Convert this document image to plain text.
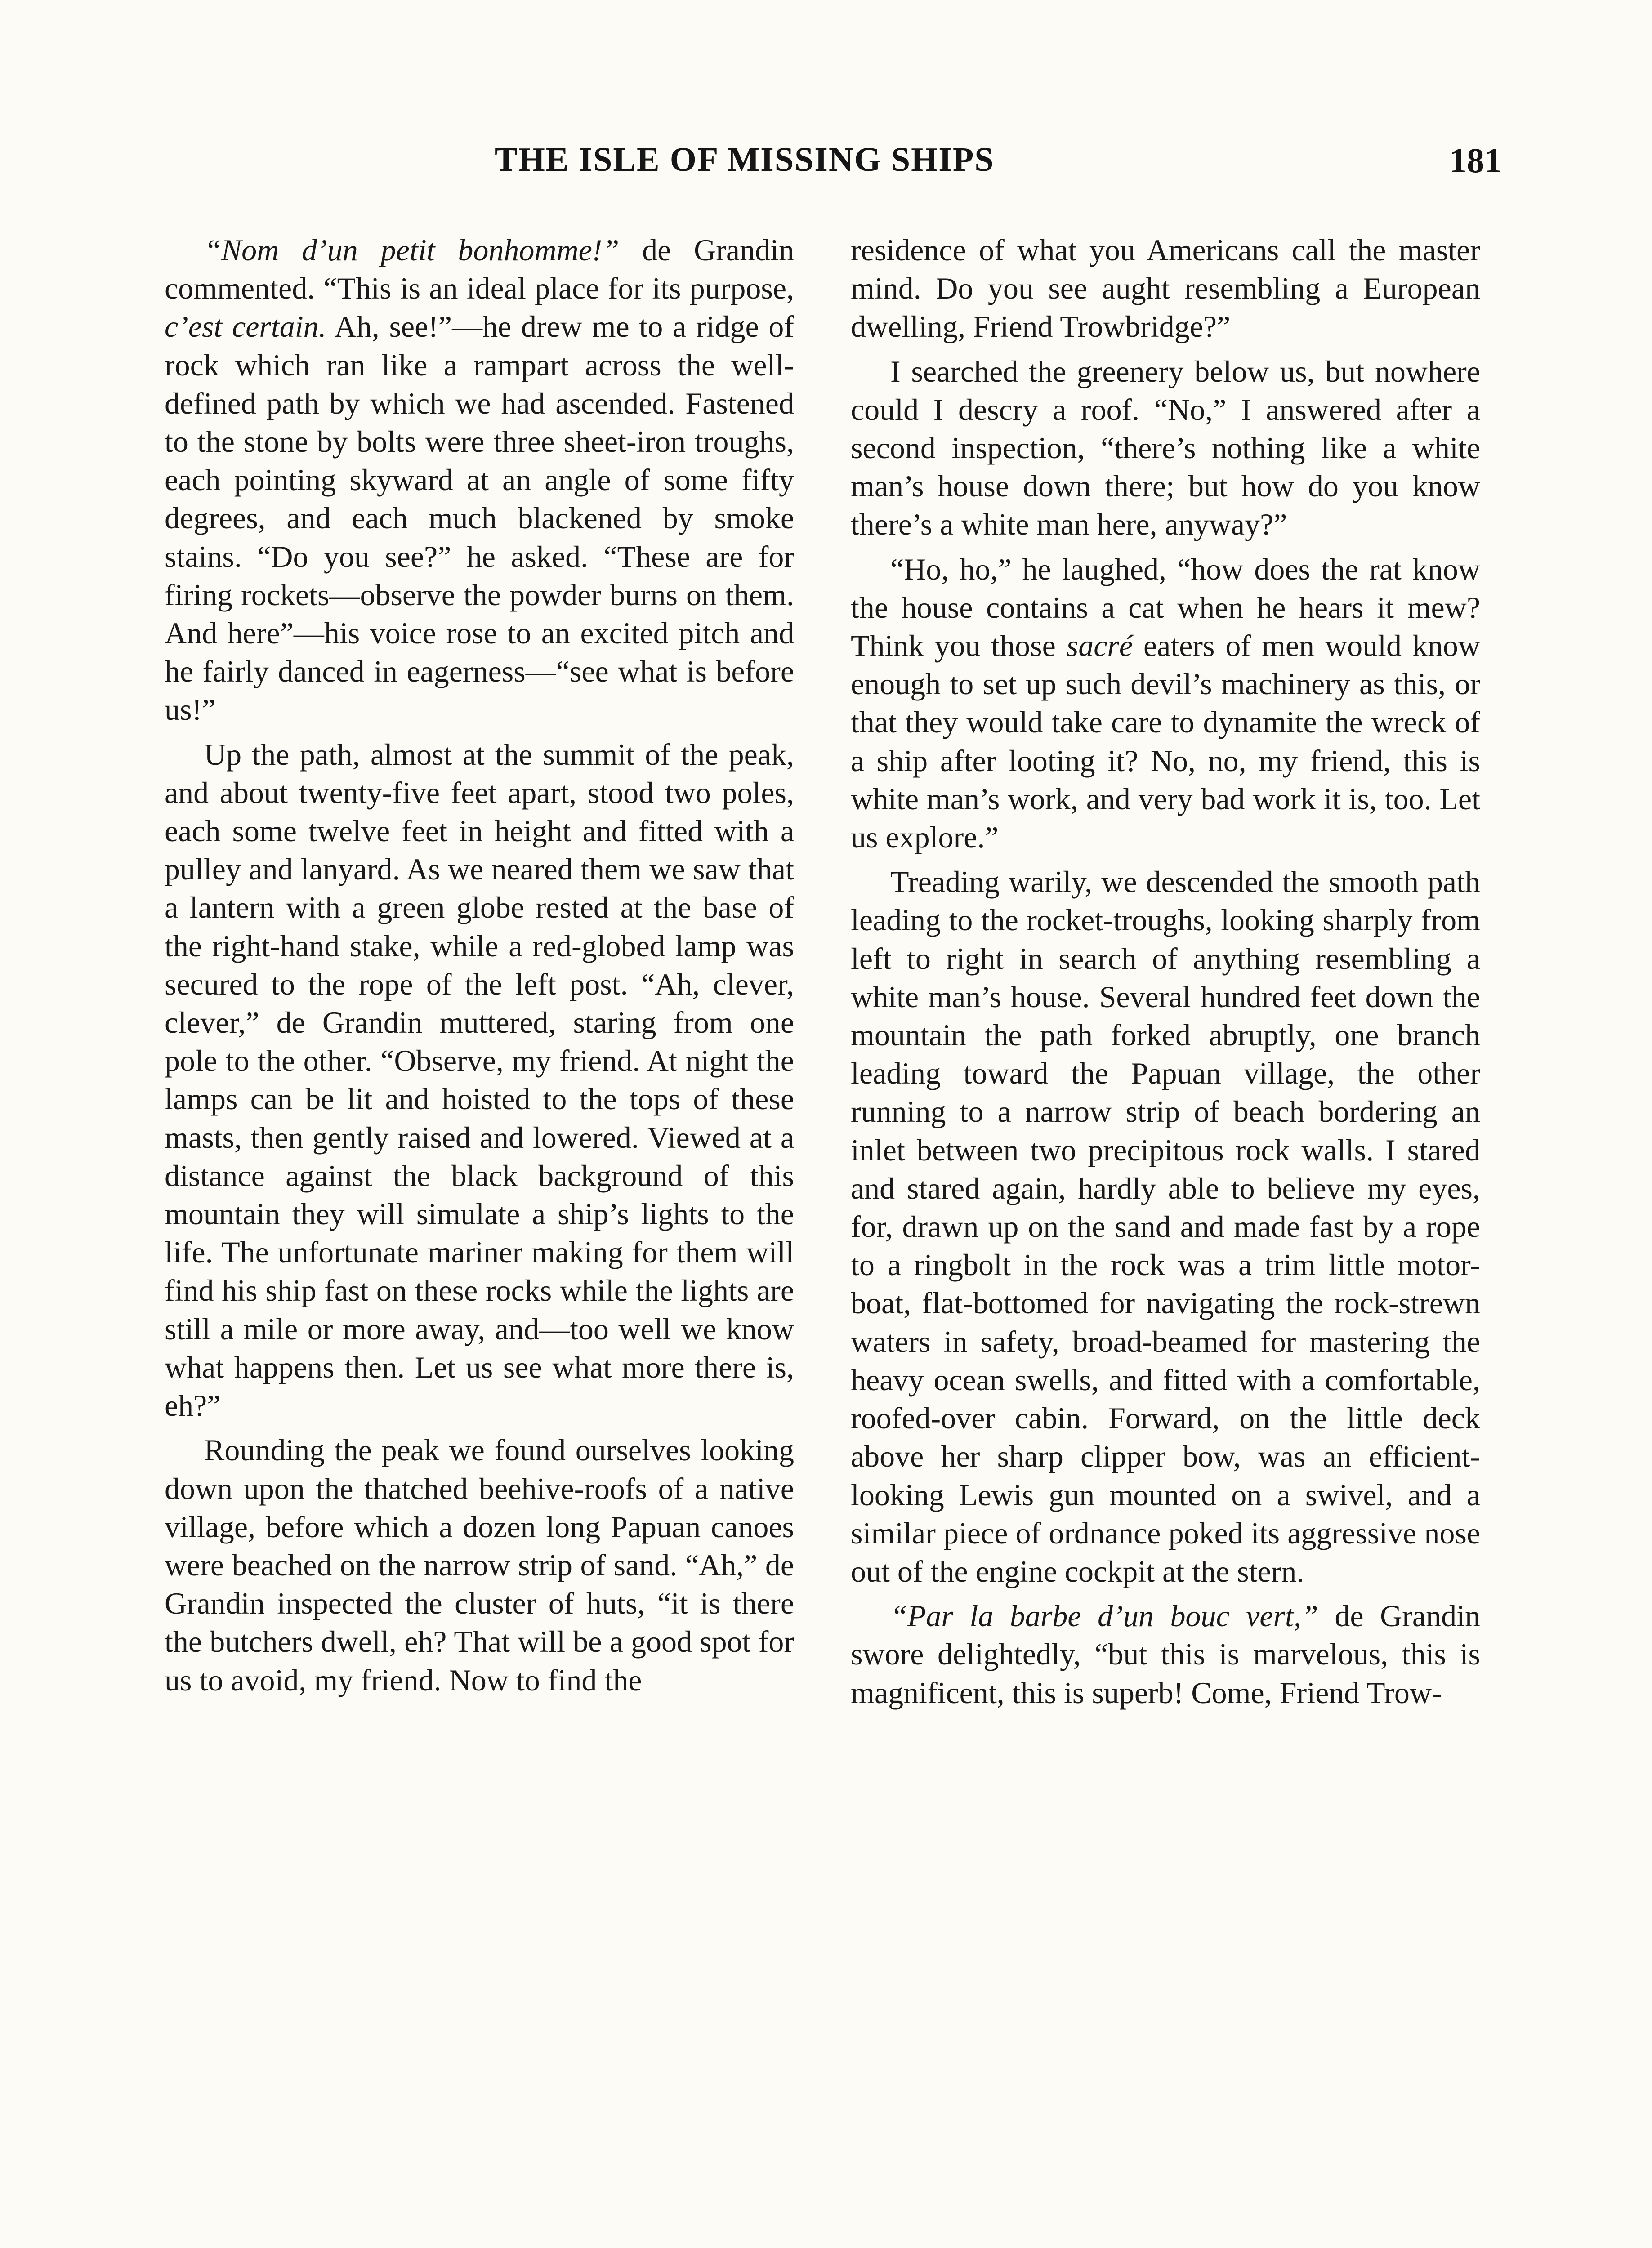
THE ISLE OF MISSING SHIPS	181

“Nom d’un petit bonhomme!” de Grandin commented. “This is an ideal place for its purpose, c’est certain. Ah, see!”—he drew me to a ridge of rock which ran like a rampart across the well-defined path by which we had ascended. Fastened to the stone by bolts were three sheet-iron troughs, each pointing skyward at an angle of some fifty degrees, and each much blackened by smoke stains. “Do you see?” he asked. “These are for firing rockets—observe the powder burns on them. And here”—his voice rose to an excited pitch and he fairly danced in eagerness—“see what is before us!”

Up the path, almost at the summit of the peak, and about twenty-five feet apart, stood two poles, each some twelve feet in height and fitted with a pulley and lanyard. As we neared them we saw that a lantern with a green globe rested at the base of the right-hand stake, while a red-globed lamp was secured to the rope of the left post. “Ah, clever, clever,” de Grandin muttered, staring from one pole to the other. “Observe, my friend. At night the lamps can be lit and hoisted to the tops of these masts, then gently raised and lowered. Viewed at a distance against the black background of this mountain they will simulate a ship’s lights to the life. The unfortunate mariner making for them will find his ship fast on these rocks while the lights are still a mile or more away, and—too well we know what happens then. Let us see what more there is, eh?”

Rounding the peak we found ourselves looking down upon the thatched beehive-roofs of a native village, before which a dozen long Papuan canoes were beached on the narrow strip of sand. “Ah,” de Grandin inspected the cluster of huts, “it is there the butchers dwell, eh? That will be a good spot for us to avoid, my friend. Now to find the

residence of what you Americans call the master mind. Do you see aught resembling a European dwelling, Friend Trowbridge?”

I searched the greenery below us, but nowhere could I descry a roof. “No,” I answered after a second inspection, “there’s nothing like a white man’s house down there; but how do you know there’s a white man here, anyway?”

“Ho, ho,” he laughed, “how does the rat know the house contains a cat when he hears it mew? Think you those sacré eaters of men would know enough to set up such devil’s machinery as this, or that they would take care to dynamite the wreck of a ship after looting it? No, no, my friend, this is white man’s work, and very bad work it is, too. Let us explore.”

Treading warily, we descended the smooth path leading to the rocket-troughs, looking sharply from left to right in search of anything resembling a white man’s house. Several hundred feet down the mountain the path forked abruptly, one branch leading toward the Papuan village, the other running to a narrow strip of beach bordering an inlet between two precipitous rock walls. I stared and stared again, hardly able to believe my eyes, for, drawn up on the sand and made fast by a rope to a ringbolt in the rock was a trim little motor-boat, flat-bottomed for navigating the rock-strewn waters in safety, broad-beamed for mastering the heavy ocean swells, and fitted with a comfortable, roofed-over cabin. Forward, on the little deck above her sharp clipper bow, was an efficient-looking Lewis gun mounted on a swivel, and a similar piece of ordnance poked its aggressive nose out of the engine cockpit at the stern.

“Par la barbe d’un bouc vert,” de Grandin swore delightedly, “but this is marvelous, this is magnificent, this is superb! Come, Friend Trow-
